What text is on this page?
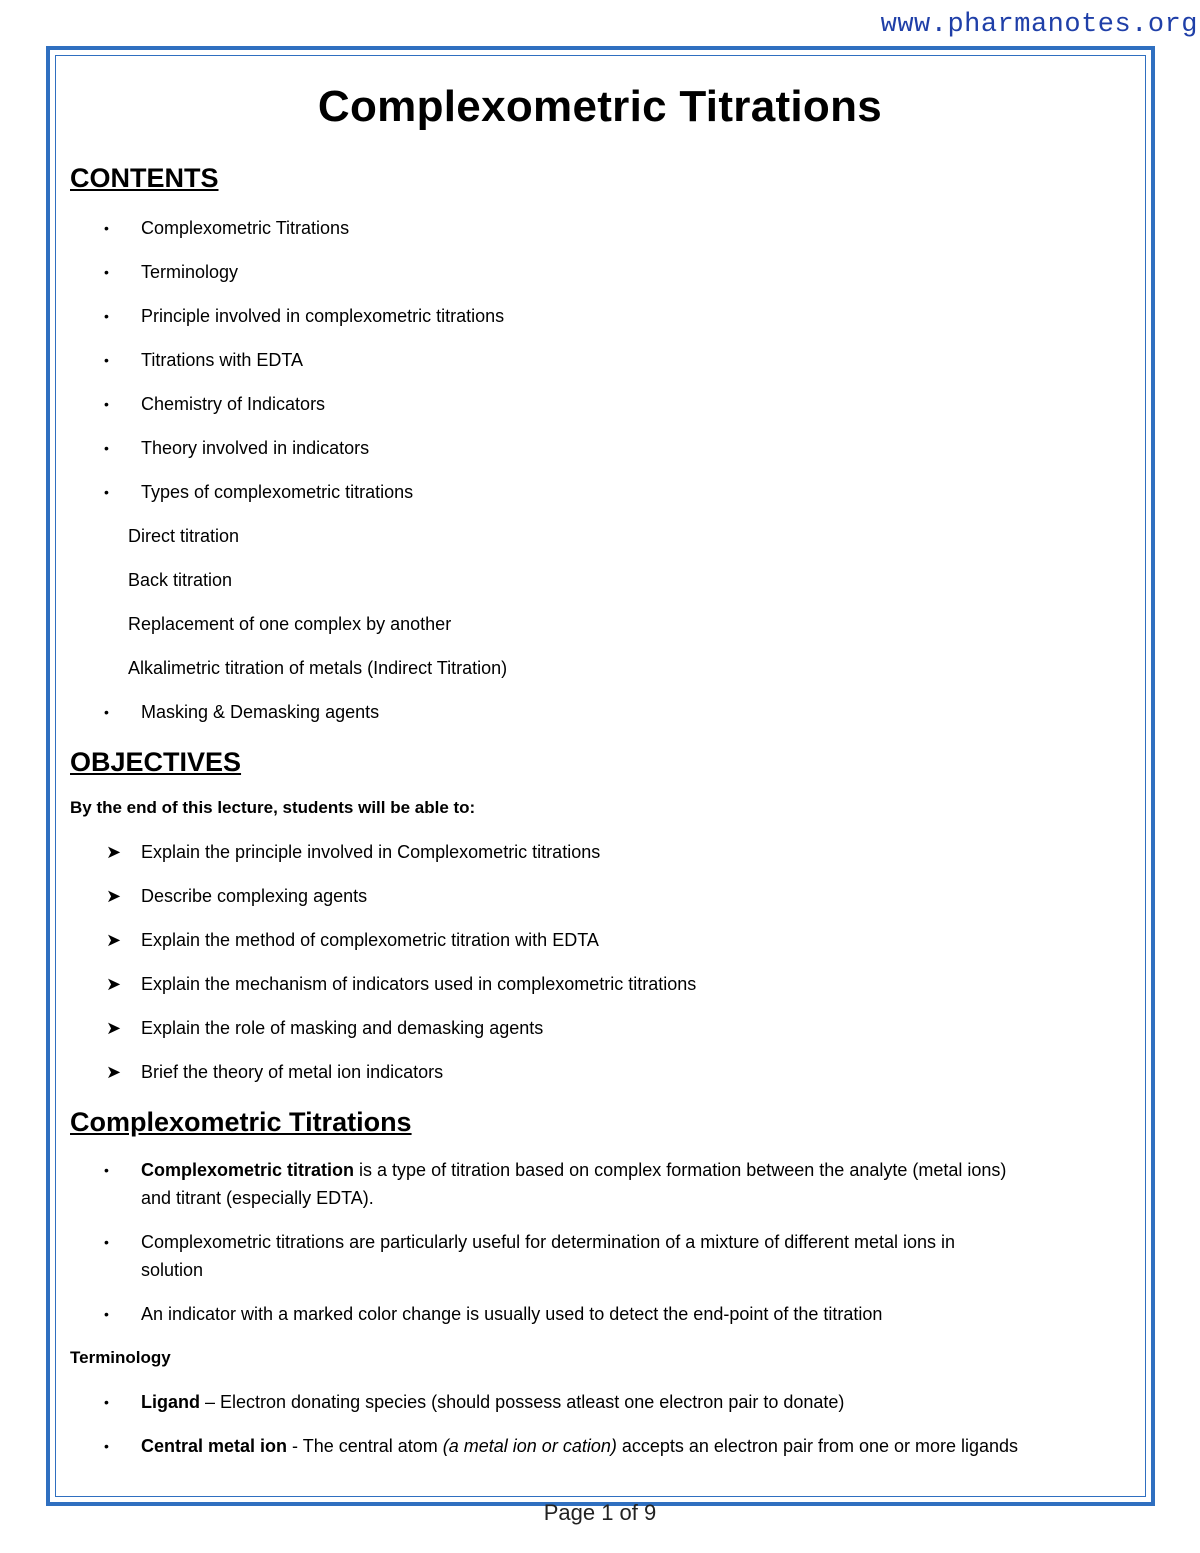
www.pharmanotes.org
Complexometric Titrations
CONTENTS
• Complexometric Titrations
• Terminology
• Principle involved in complexometric titrations
• Titrations with EDTA
• Chemistry of Indicators
• Theory involved in indicators
• Types of complexometric titrations
Direct titration
Back titration
Replacement of one complex by another
Alkalimetric titration of metals (Indirect Titration)
• Masking & Demasking agents
OBJECTIVES
By the end of this lecture, students will be able to:
➤ Explain the principle involved in Complexometric titrations
➤ Describe complexing agents
➤ Explain the method of complexometric titration with EDTA
➤ Explain the mechanism of indicators used in complexometric titrations
➤ Explain the role of masking and demasking agents
➤ Brief the theory of metal ion indicators
Complexometric Titrations
• Complexometric titration is a type of titration based on complex formation between the analyte (metal ions)
and titrant (especially EDTA).
• Complexometric titrations are particularly useful for determination of a mixture of different metal ions in
solution
• An indicator with a marked color change is usually used to detect the end-point of the titration
Terminology
• Ligand – Electron donating species (should possess atleast one electron pair to donate)
• Central metal ion - The central atom (a metal ion or cation) accepts an electron pair from one or more ligands
Page 1 of 9
